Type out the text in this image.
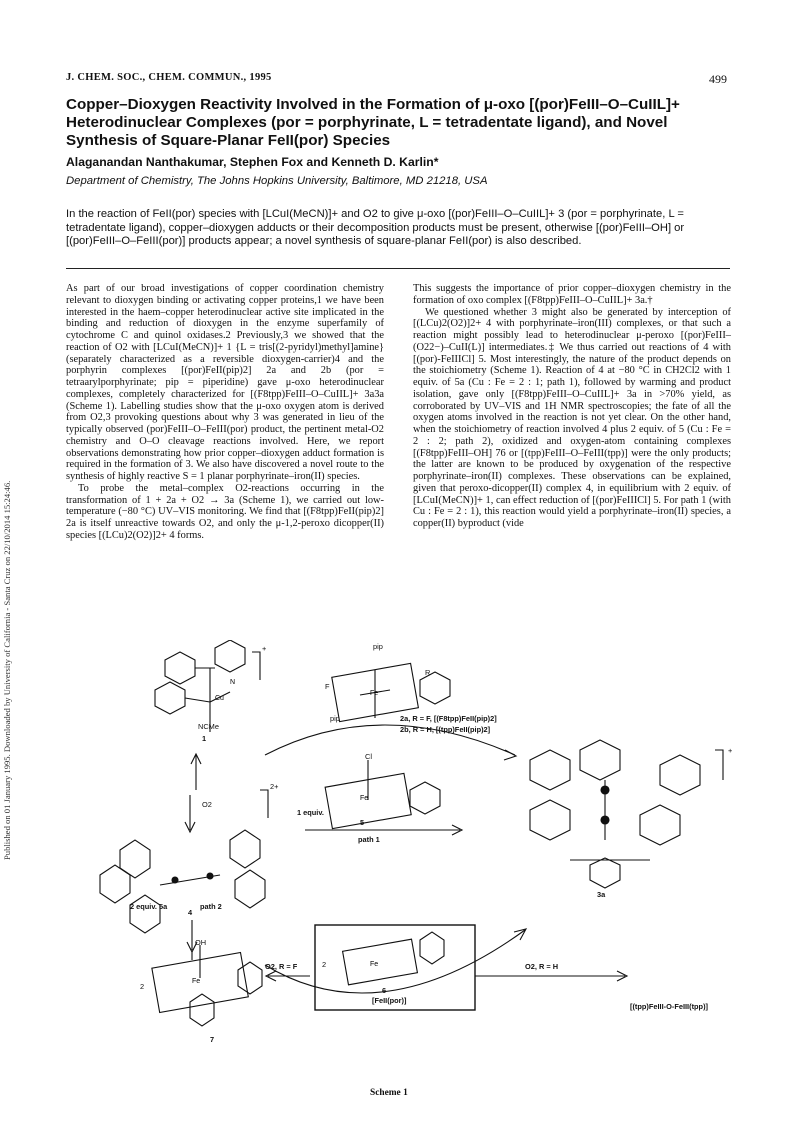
Published on 01 January 1995. Downloaded by University of California - Santa Cruz on 22/10/2014 15:24:46.
J. CHEM. SOC., CHEM. COMMUN., 1995	499
Copper–Dioxygen Reactivity Involved in the Formation of μ-oxo [(por)FeIII–O–CuIIL]+ Heterodinuclear Complexes (por = porphyrinate, L = tetradentate ligand), and Novel Synthesis of Square-Planar FeII(por) Species
Alaganandan Nanthakumar, Stephen Fox and Kenneth D. Karlin*
Department of Chemistry, The Johns Hopkins University, Baltimore, MD 21218, USA
In the reaction of FeII(por) species with [LCuI(MeCN)]+ and O2 to give μ-oxo [(por)FeIII–O–CuIIL]+ 3 (por = porphyrinate, L = tetradentate ligand), copper–dioxygen adducts or their decomposition products must be present, otherwise [(por)FeIII–OH] or [(por)FeIII–O–FeIII(por)] products appear; a novel synthesis of square-planar FeII(por) is also described.

As part of our broad investigations of copper coordination chemistry relevant to dioxygen binding or activating copper proteins,1 we have been interested in the haem–copper heterodinuclear active site implicated in the binding and reduction of dioxygen in the enzyme superfamily of cytochrome C and quinol oxidases.2 Previously,3 we showed that the reaction of O2 with [LCuI(MeCN)]+ 1 {L = tris[(2-pyridyl)methyl]amine} (separately characterized as a reversible dioxygen-carrier)4 and the porphyrin complexes [(por)FeII(pip)2] 2a and 2b (por = tetraarylporphyrinate; pip = piperidine) gave μ-oxo heterodinuclear complexes, completely characterized for [(F8tpp)FeIII–O–CuIIL]+ 3a3a (Scheme 1). Labelling studies show that the μ-oxo oxygen atom is derived from O2,3 provoking questions about why 3 was generated in lieu of the typically observed (por)FeIII–O–FeIII(por) product, the pertinent metal-O2 chemistry and O–O cleavage reactions involved. Here, we report observations demonstrating how prior copper–dioxygen adduct formation is required in the formation of 3. We also have discovered a novel route to the synthesis of highly reactive S = 1 planar porphyrinate–iron(II) species.

To probe the metal–complex O2-reactions occurring in the transformation of 1 + 2a + O2 → 3a (Scheme 1), we carried out low-temperature (−80 °C) UV–VIS monitoring. We find that [(F8tpp)FeII(pip)2] 2a is itself unreactive towards O2, and only the μ-1,2-peroxo dicopper(II) species [(LCu)2(O2)]2+ 4 forms.

This suggests the importance of prior copper–dioxygen chemistry in the formation of oxo complex [(F8tpp)FeIII–O–CuIIL]+ 3a.†

We questioned whether 3 might also be generated by interception of [(LCu)2(O2)]2+ 4 with porphyrinate–iron(III) complexes, or that such a reaction might possibly lead to heterodinuclear μ-peroxo [(por)FeIII–(O22−)–CuII(L)] intermediates.‡ We thus carried out reactions of 4 with [(por)-FeIIICl] 5. Most interestingly, the nature of the product depends on the stoichiometry (Scheme 1). Reaction of 4 at −80 °C in CH2Cl2 with 1 equiv. of 5a (Cu : Fe = 2 : 1; path 1), followed by warming and product isolation, gave only [(F8tpp)FeIII–O–CuIIL]+ 3a in >70% yield, as corroborated by UV–VIS and 1H NMR spectroscopies; the fate of all the oxygen atoms involved in the reaction is not yet clear. On the other hand, when the stoichiometry of reaction involved 4 plus 2 equiv. of 5 (Cu : Fe = 2 : 2; path 2), oxidized and oxygen-atom containing complexes [(F8tpp)FeIII–OH] 76 or [(tpp)FeIII–O–FeIII(tpp)] were the only products; the latter are known to be produced by oxygenation of the respective porphyrinate–iron(II) complexes. These observations can be explained, given that peroxo-dicopper(II) complex 4, in equilibrium with 2 equiv. of [LCuI(MeCN)]+ 1, can effect reduction of [(por)FeIIICl] 5. For path 1 (with Cu : Fe = 2 : 1), this reaction would yield a porphyrinate–iron(II) species, a copper(II) byproduct (vide

N
Cu
Fe
Fe
Fe
Fe
1
NCMe
+
O2
2+
4
2 equiv. 5a	path 2
1 equiv.
5
path 1
pip
pip
R
F
2a, R = F, [(F8tpp)FeII(pip)2]
2b, R = H, [(tpp)FeII(pip)2]
Cl
3a
+
OH
O2, R = F
7
2
2
6
[FeII(por)]
O2, R = H
[(tpp)FeIII-O-FeIII(tpp)]
Scheme 1
